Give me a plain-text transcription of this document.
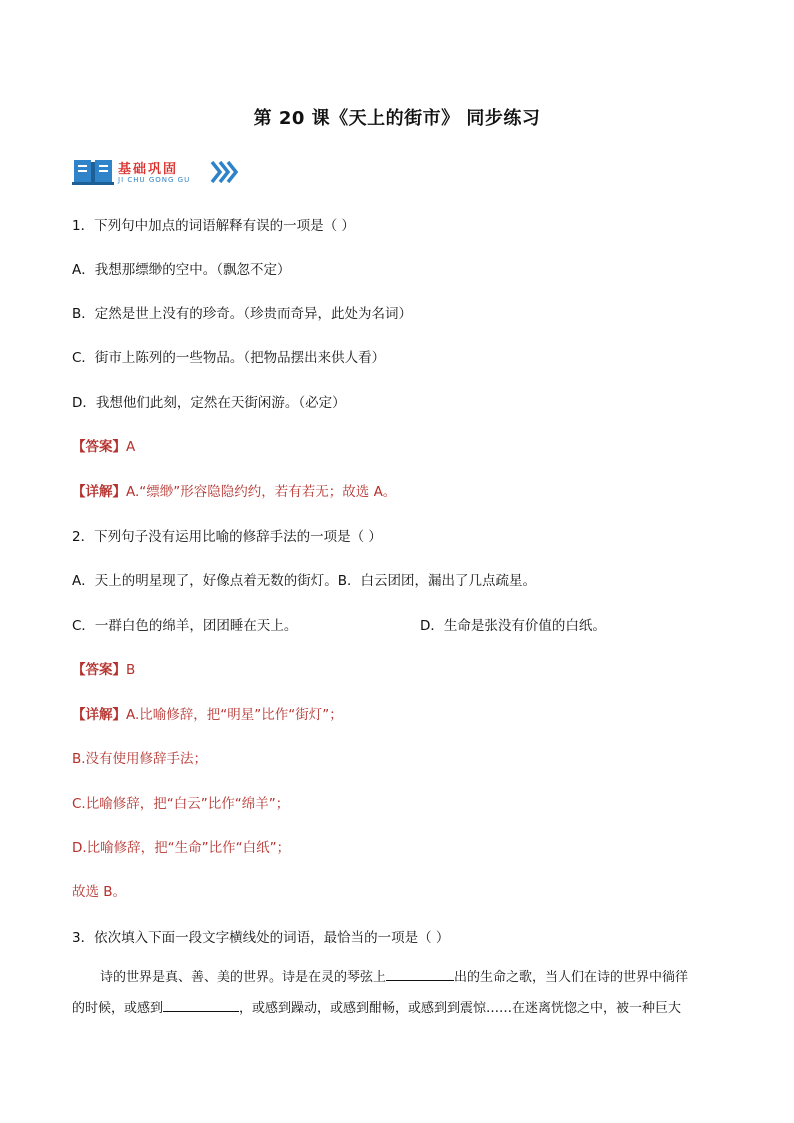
第 20 课《天上的街市》 同步练习
基础巩固
JI CHU GONG GU
1．下列句中加点的词语解释有误的一项是（ ）
A．我想那缥缈的空中。（飘忽不定）
B．定然是世上没有的珍奇。（珍贵而奇异，此处为名词）
C．街市上陈列的一些物品。（把物品摆出来供人看）
D．我想他们此刻，定然在天街闲游。（必定）
【答案】A
【详解】A.“缥缈”形容隐隐约约，若有若无；故选 A。
2．下列句子没有运用比喻的修辞手法的一项是（ ）
A．天上的明星现了，好像点着无数的街灯。B．白云团团，漏出了几点疏星。
C．一群白色的绵羊，团团睡在天上。	D．生命是张没有价值的白纸。
【答案】B
【详解】A.比喻修辞，把“明星”比作“街灯”；
B.没有使用修辞手法；
C.比喻修辞，把“白云”比作“绵羊”；
D.比喻修辞，把“生命”比作“白纸”；
故选 B。
3．依次填入下面一段文字横线处的词语，最恰当的一项是（ ）
诗的世界是真、善、美的世界。诗是在灵的琴弦上	出的生命之歌，当人们在诗的世界中徜徉
的时候，或感到	，或感到躁动，或感到酣畅，或感到到震惊……在迷离恍惚之中，被一种巨大
